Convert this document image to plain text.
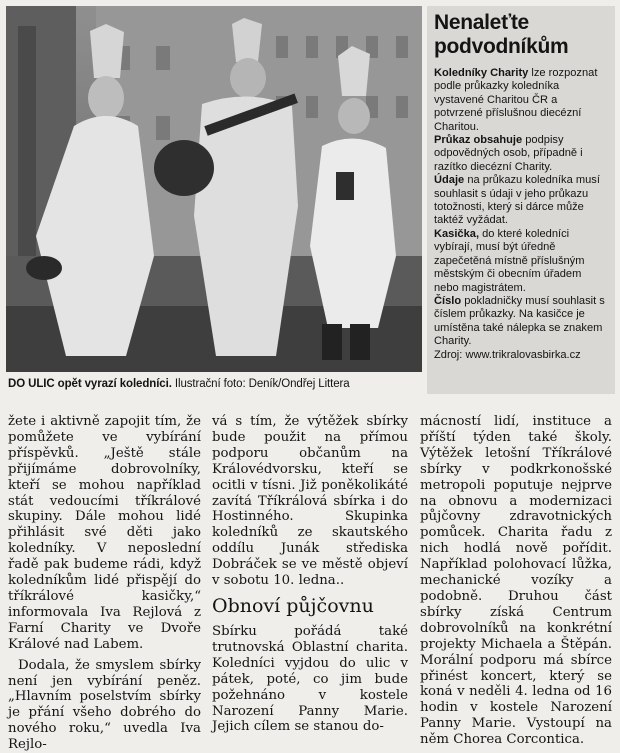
DO ULIC opět vyrazí koledníci. Ilustrační foto: Deník/Ondřej Littera
Nenaleťte
podvodníkům

Koledníky Charity lze rozpoznat podle průkazky koledníka vystavené Charitou ČR a potvrzené příslušnou diecézní Charitou.

Průkaz obsahuje podpisy odpovědných osob, případně i razítko diecézní Charity.

Údaje na průkazu koledníka musí souhlasit s údaji v jeho průkazu totožnosti, který si dárce může taktéž vyžádat.

Kasička, do které koledníci vybírají, musí být úředně zapečetěná místně příslušným městským či obecním úřadem nebo magistrátem.

Číslo pokladničky musí souhlasit s číslem průkazky. Na kasičce je umístěna také nálepka se znakem Charity.

Zdroj: www.trikralovasbirka.cz

žete i aktivně zapojit tím, že pomůžete ve vybírání příspěvků. „Ještě stále přijímáme dobrovolníky, kteří se mohou například stát vedoucími tříkrálové skupiny. Dále mohou lidé přihlásit své děti jako koledníky. V neposlední řadě pak budeme rádi, když koledníkům lidé přispějí do tříkrálové kasičky,“ informovala Iva Rejlová z Farní Charity ve Dvoře Králové nad Labem.

Dodala, že smyslem sbírky není jen vybírání peněz. „Hlavním poselstvím sbírky je přání všeho dobrého do nového roku,“ uvedla Iva Rejlo-

vá s tím, že výtěžek sbírky bude použit na přímou podporu občanům na Královédvorsku, kteří se ocitli v tísni. Již poněkolikáté zavítá Tříkrálová sbírka i do Hostinného. Skupinka koledníků ze skautského oddílu Junák střediska Dobráček se ve městě objeví v sobotu 10. ledna..

Obnoví půjčovnu

Sbírku pořádá také trutnovská Oblastní charita. Koledníci vyjdou do ulic v pátek, poté, co jim bude požehnáno v kostele Narození Panny Marie. Jejich cílem se stanou do-

mácností lidí, instituce a příští týden také školy. Výtěžek letošní Tříkrálové sbírky v podkrkonošské metropoli poputuje nejprve na obnovu a modernizaci půjčovny zdravotnických pomůcek. Charita řadu z nich hodlá nově pořídit. Například polohovací lůžka, mechanické vozíky a podobně. Druhou část sbírky získá Centrum dobrovolníků na konkrétní projekty Michaela a Štěpán. Morální podporu má sbírce přinést koncert, který se koná v neděli 4. ledna od 16 hodin v kostele Narození Panny Marie. Vystoupí na něm Chorea Corcontica.
